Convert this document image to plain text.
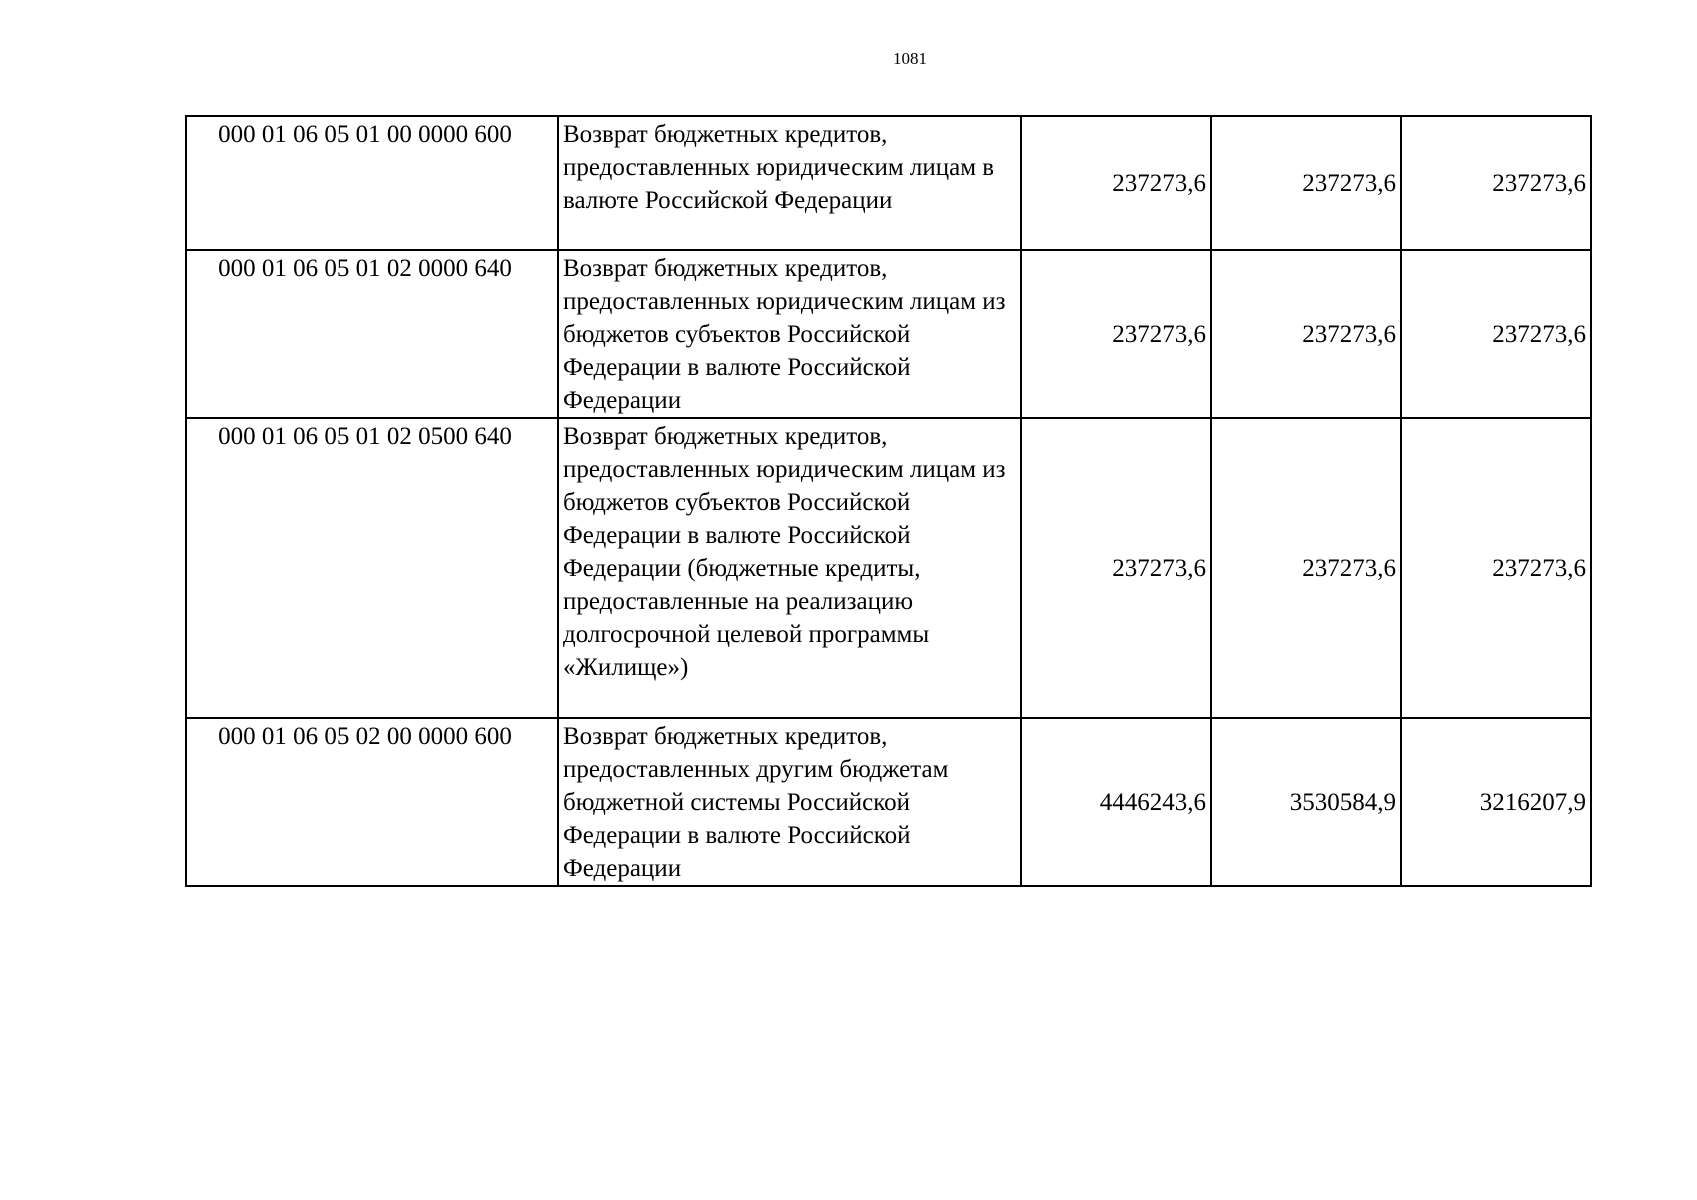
1081
000 01 06 05 01 00 0000 600	Возврат бюджетных кредитов, предоставленных юридическим лицам в валюте Российской Федерации	237273,6	237273,6	237273,6
000 01 06 05 01 02 0000 640	Возврат бюджетных кредитов, предоставленных юридическим лицам из бюджетов субъектов Российской Федерации в валюте Российской Федерации	237273,6	237273,6	237273,6
000 01 06 05 01 02 0500 640	Возврат бюджетных кредитов, предоставленных юридическим лицам из бюджетов субъектов Российской Федерации в валюте Российской Федерации (бюджетные кредиты, предоставленные на реализацию долгосрочной целевой программы «Жилище»)	237273,6	237273,6	237273,6
000 01 06 05 02 00 0000 600	Возврат бюджетных кредитов, предоставленных другим бюджетам бюджетной системы Российской Федерации в валюте Российской Федерации	4446243,6	3530584,9	3216207,9
